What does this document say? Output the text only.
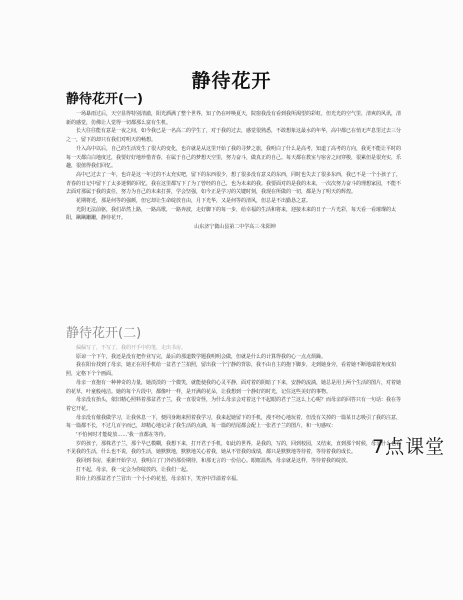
静待花开
静待花开(一)

一场暴雨过后，天空显得特别清澈，阳光洒满了整个世界，知了仍在呼唤夏天，院窗我没有看到我所渴望的彩虹，但光光的空气里，清爽的风讯，清新的感觉，仿佛让人觉得一切都那么富有生机。

长大往往能有意是一夜之间，如今我已是一名高二的学生了，对于我的过去，感觉很熟悉，不敢想象这最水的年华，高中都已在悄无声息里过去三分之一，留下的却只有我们对明天的畅想。

升入高中以后，自己的生活发生了很大的变化，也许就是从这里开始了我的寻梦之旅，我明白了什么是高考，知道了高考的方向，我更不能让平时的每一天都白白地度过，我要好好地珍惜青春，在属于自己的梦想天空里，努力奋斗，做真正的自己。每天都在教室与宿舍之间穿梭，很累但是很充实，乐趣，很值得我们回忆。

高中已过去了一年，也许是这一年过的不太充实吧，留下的东西很少，想了很多没有意义的东西，同时也失去了很多东西，我已不是一个小孩子了，青春的日记中留下了太多迷惘的回忆，我在这里都写下了为了曾经的自己，也为未来的我。我要面对的是我的未来，一次次努力奋斗的理想家园，不能不去面对那属于我的责任，努力为自己的未来打拼，学会坚强，如今正是学习的关键时刻，我现在所做的一切，都是为了明天的辉煌。

花期将近，那是何等的强颜，但它却让生命绽放自由，月下光华，又是何等的清风，但总是不出勤恳之意。

光阴无法前驱，我们昂然上路，一路高歌，一路奔波，走好脚下的每一步，给幸福的生活和将来，迎接未来的日子一片光彩，每天看一看璀璨的太阳，蹒蹒跚跚，静待花开。

山东济宁微山县第二中学高三·朱阳坤

静待花开(二)

偏偏写了，不写了，我的开手中的笔，走出书房。

原谅一个下午，我还是没有把作业写完，最后的那道数学题我明明会做，但就是什么的计算得我的心一点点烦躁。

我在阳台找到了母亲，她正在用手机给一盆君子兰拍照，留出我一个宁静的背影，我不由自主的抱下脚步，走到她身旁，看着她不断地端着角度拍照，定格下个个画面。

母亲一直抱有一种神奇的力量，她淡淡的一个微笑，就能使我的心灵平静，面对着的阴暗了下来，安静的流淌，她总是用上两个生活的图片，对着她的花草，叶童般纯洁。她的每个片段中，都像叶一样，是开满的花朵，让我想到一个静好的时光，记住这些美好的事物。

母亲没有抬头，依旧精心照料着那盆君子兰，我一直很奇怪，为什么母亲会对着这个不起眼的君子兰这么上心呢？而母亲的回答只有一句话：我在等着它开花。

母亲没有催我做学习，让我休息一下，便同身跑来照着我学习，我来起她留下的手机，漫不经心地玩着，但没有关掉的一篇某日志吸引了我的注意，每一篇都不长，不过几百字而已，却精心地记录了我生活的点滴，每一篇的结尾都会配上一张君子兰的图片，和一句感叹：

'不怕何时才能绽放……'我一直都在等待。

岁的孩子，那株君子兰，那个早已模糊，我想下来，打开君子手机，如此的世界，是我的，写的，回到校园，又结束，直到那个时候，母亲什么也看不见我的生活，什么也不说，我的生活，她默默地，默默地关心着我，她从不管我的成绩，都只是默默地等待着，等待着我的成长。

我回到书房，重新开始学习，我明白了门外的那份期待，和那无言的一份信心。眼眶温热，母亲就是这样，等待着我的绽放。

打不起，母亲，我一定会为你绽放的，让我们一起。

阳台上的那盆君子兰冒出一个小小的花苞，母亲拍下，笑容中洋溢着幸福。

7点课堂
